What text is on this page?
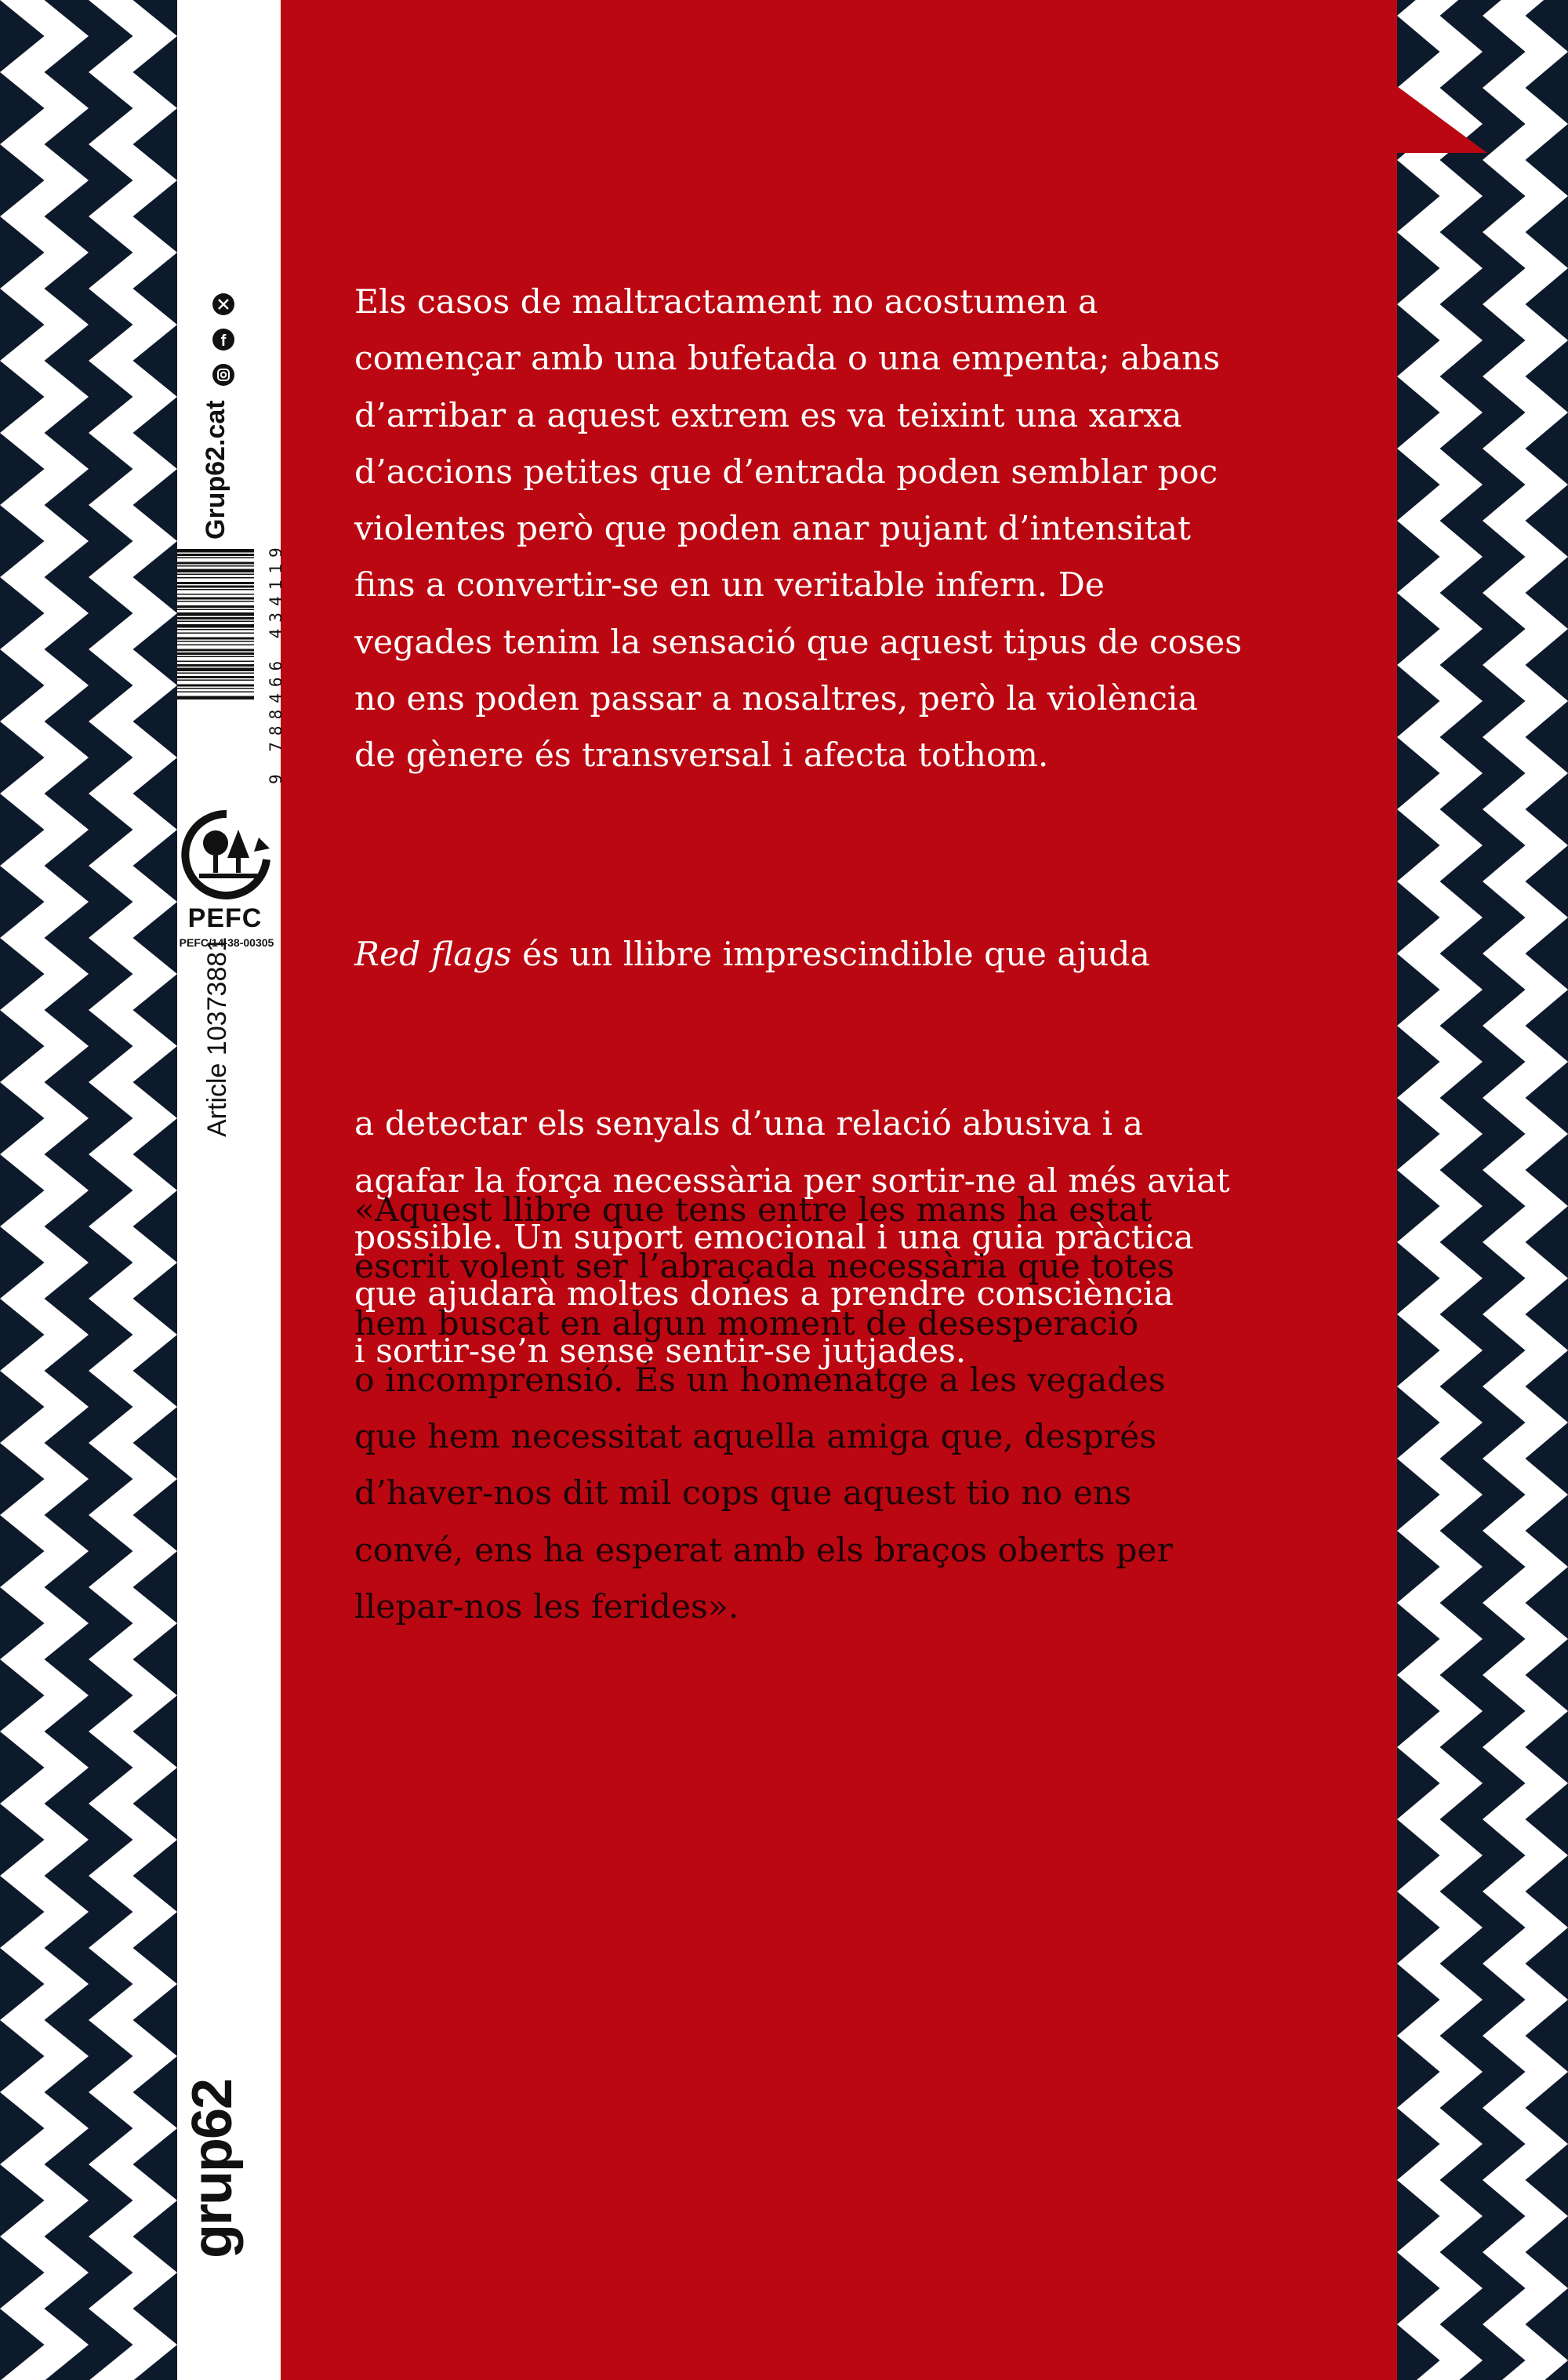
Els casos de maltractament no acostumen a
començar amb una bufetada o una empenta; abans
d’arribar a aquest extrem es va teixint una xarxa
d’accions petites que d’entrada poden semblar poc
violentes però que poden anar pujant d’intensitat
fins a convertir-se en un veritable infern. De
vegades tenim la sensació que aquest tipus de coses
no ens poden passar a nosaltres, però la violència
de gènere és transversal i afecta tothom.

Red flags és un llibre imprescindible que ajuda

a detectar els senyals d’una relació abusiva i a
agafar la força necessària per sortir-ne al més aviat
possible. Un suport emocional i una guia pràctica
que ajudarà moltes dones a prendre consciència
i sortir-se’n sense sentir-se jutjades.

«Aquest llibre que tens entre les mans ha estat
escrit volent ser l’abraçada necessària que totes
hem buscat en algun moment de desesperació
o incomprensió. És un homenatge a les vegades
que hem necessitat aquella amiga que, després
d’haver-nos dit mil cops que aquest tio no ens
convé, ens ha esperat amb els braços oberts per
llepar-nos les ferides».
Grup62.cat
f
9 788466 434119
PEFC
PEFC/14-38-00305
Article 10373881
grup62
